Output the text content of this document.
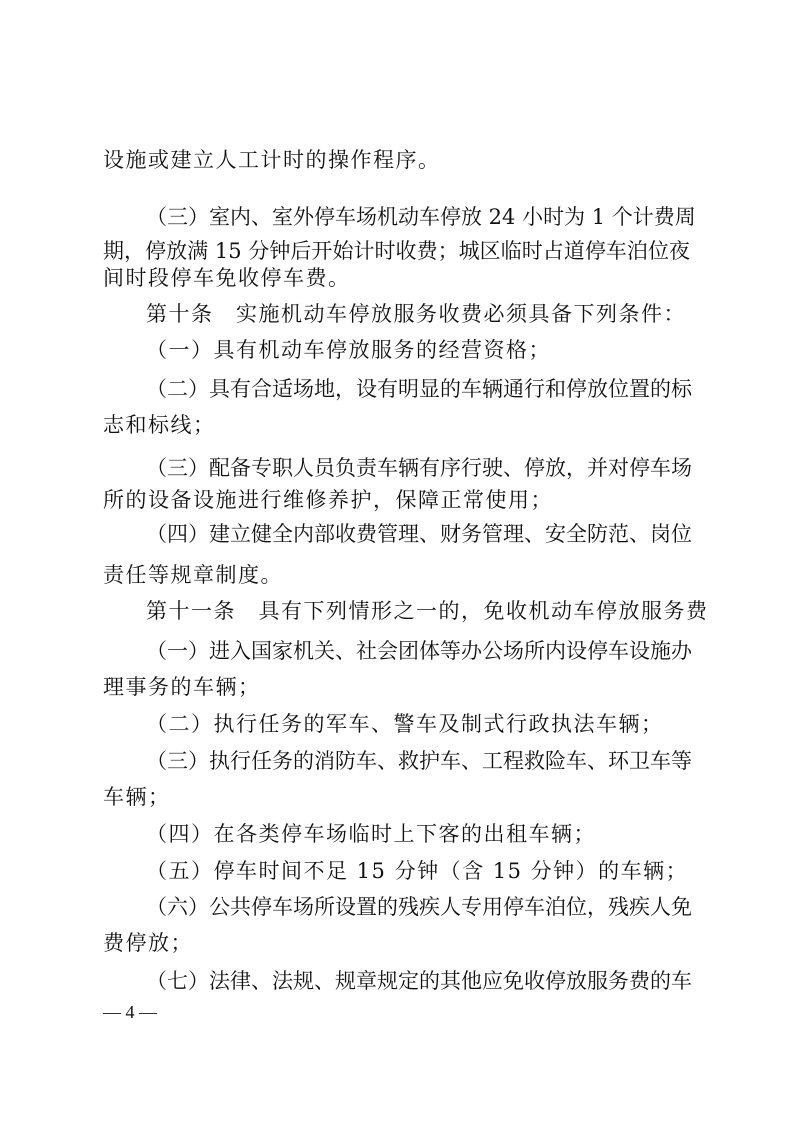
设施或建立人工计时的操作程序。
（三）室内、室外停车场机动车停放 24 小时为 1 个计费周
期，停放满 15 分钟后开始计时收费；城区临时占道停车泊位夜
间时段停车免收停车费。
第十条　实施机动车停放服务收费必须具备下列条件：
（一）具有机动车停放服务的经营资格；
（二）具有合适场地，设有明显的车辆通行和停放位置的标
志和标线；
（三）配备专职人员负责车辆有序行驶、停放，并对停车场
所的设备设施进行维修养护，保障正常使用；
（四）建立健全内部收费管理、财务管理、安全防范、岗位
责任等规章制度。
第十一条　具有下列情形之一的，免收机动车停放服务费
（一）进入国家机关、社会团体等办公场所内设停车设施办
理事务的车辆；
（二）执行任务的军车、警车及制式行政执法车辆；
（三）执行任务的消防车、救护车、工程救险车、环卫车等
车辆；
（四）在各类停车场临时上下客的出租车辆；
（五）停车时间不足 15 分钟（含 15 分钟）的车辆；
（六）公共停车场所设置的残疾人专用停车泊位，残疾人免
费停放；
（七）法律、法规、规章规定的其他应免收停放服务费的车
— 4 —
